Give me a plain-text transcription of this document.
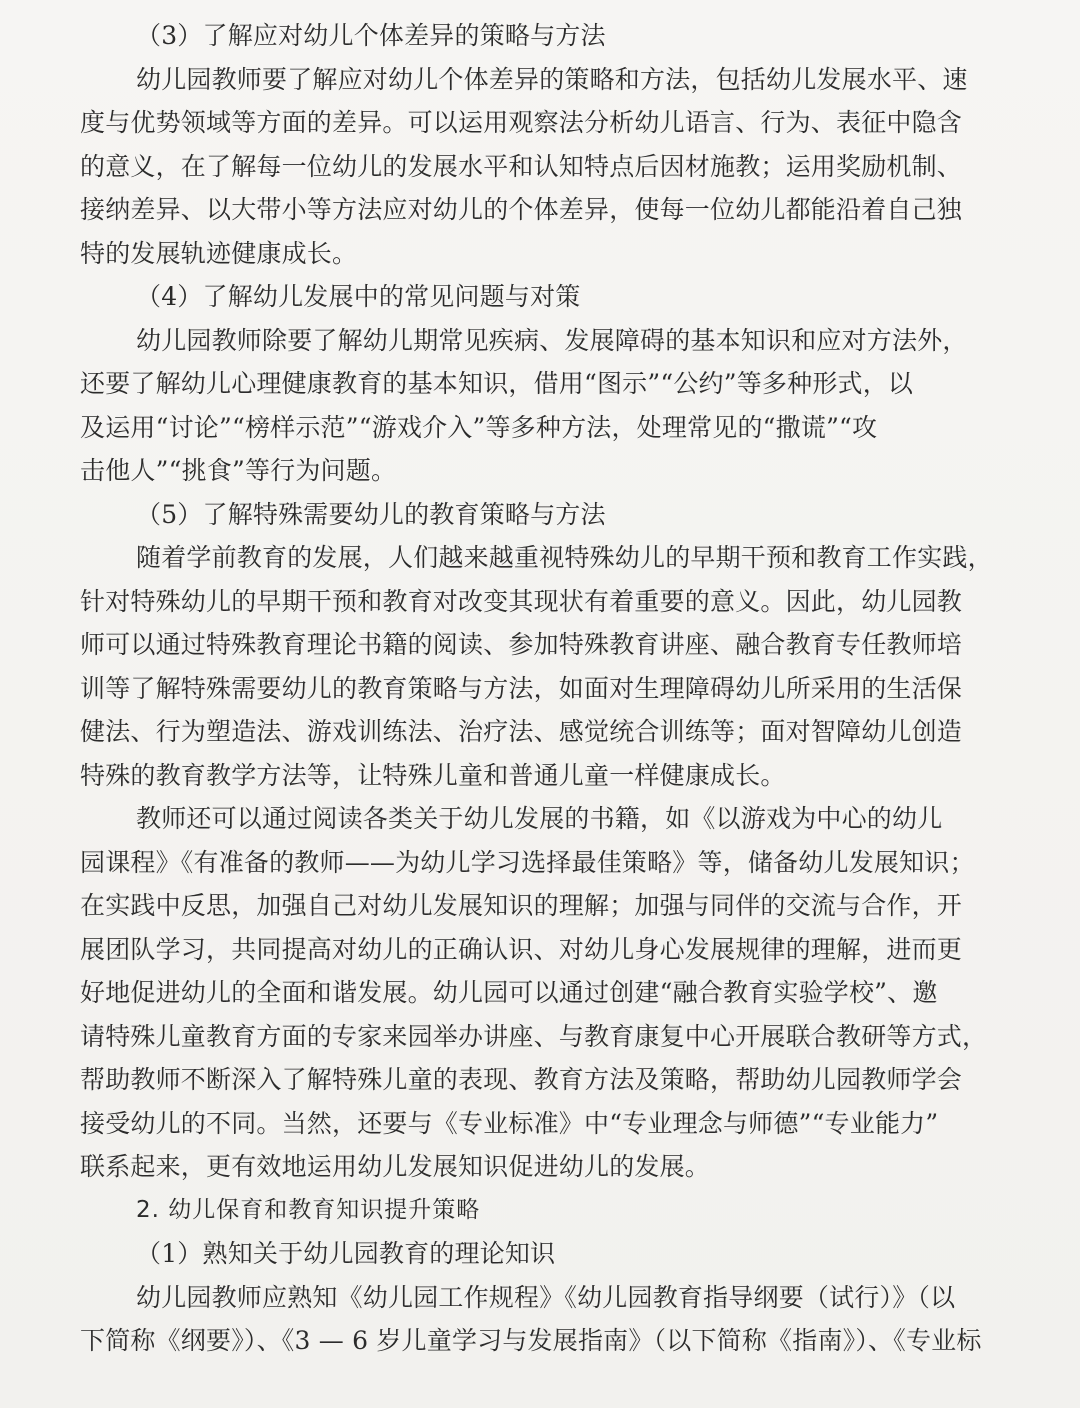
（3）了解应对幼儿个体差异的策略与方法

幼儿园教师要了解应对幼儿个体差异的策略和方法，包括幼儿发展水平、速

度与优势领域等方面的差异。可以运用观察法分析幼儿语言、行为、表征中隐含

的意义，在了解每一位幼儿的发展水平和认知特点后因材施教；运用奖励机制、

接纳差异、以大带小等方法应对幼儿的个体差异，使每一位幼儿都能沿着自己独

特的发展轨迹健康成长。

（4）了解幼儿发展中的常见问题与对策

幼儿园教师除要了解幼儿期常见疾病、发展障碍的基本知识和应对方法外，

还要了解幼儿心理健康教育的基本知识，借用“图示”“公约”等多种形式，以

及运用“讨论”“榜样示范”“游戏介入”等多种方法，处理常见的“撒谎”“攻

击他人”“挑食”等行为问题。

（5）了解特殊需要幼儿的教育策略与方法

随着学前教育的发展，人们越来越重视特殊幼儿的早期干预和教育工作实践，

针对特殊幼儿的早期干预和教育对改变其现状有着重要的意义。因此，幼儿园教

师可以通过特殊教育理论书籍的阅读、参加特殊教育讲座、融合教育专任教师培

训等了解特殊需要幼儿的教育策略与方法，如面对生理障碍幼儿所采用的生活保

健法、行为塑造法、游戏训练法、治疗法、感觉统合训练等；面对智障幼儿创造

特殊的教育教学方法等，让特殊儿童和普通儿童一样健康成长。

教师还可以通过阅读各类关于幼儿发展的书籍，如《以游戏为中心的幼儿

园课程》《有准备的教师——为幼儿学习选择最佳策略》等，储备幼儿发展知识；

在实践中反思，加强自己对幼儿发展知识的理解；加强与同伴的交流与合作，开

展团队学习，共同提高对幼儿的正确认识、对幼儿身心发展规律的理解，进而更

好地促进幼儿的全面和谐发展。幼儿园可以通过创建“融合教育实验学校”、邀

请特殊儿童教育方面的专家来园举办讲座、与教育康复中心开展联合教研等方式，

帮助教师不断深入了解特殊儿童的表现、教育方法及策略，帮助幼儿园教师学会

接受幼儿的不同。当然，还要与《专业标准》中“专业理念与师德”“专业能力”

联系起来，更有效地运用幼儿发展知识促进幼儿的发展。

2. 幼儿保育和教育知识提升策略

（1）熟知关于幼儿园教育的理论知识

幼儿园教师应熟知《幼儿园工作规程》《幼儿园教育指导纲要（试行）》（以

下简称《纲要》）、《3 — 6 岁儿童学习与发展指南》（以下简称《指南》）、《专业标
